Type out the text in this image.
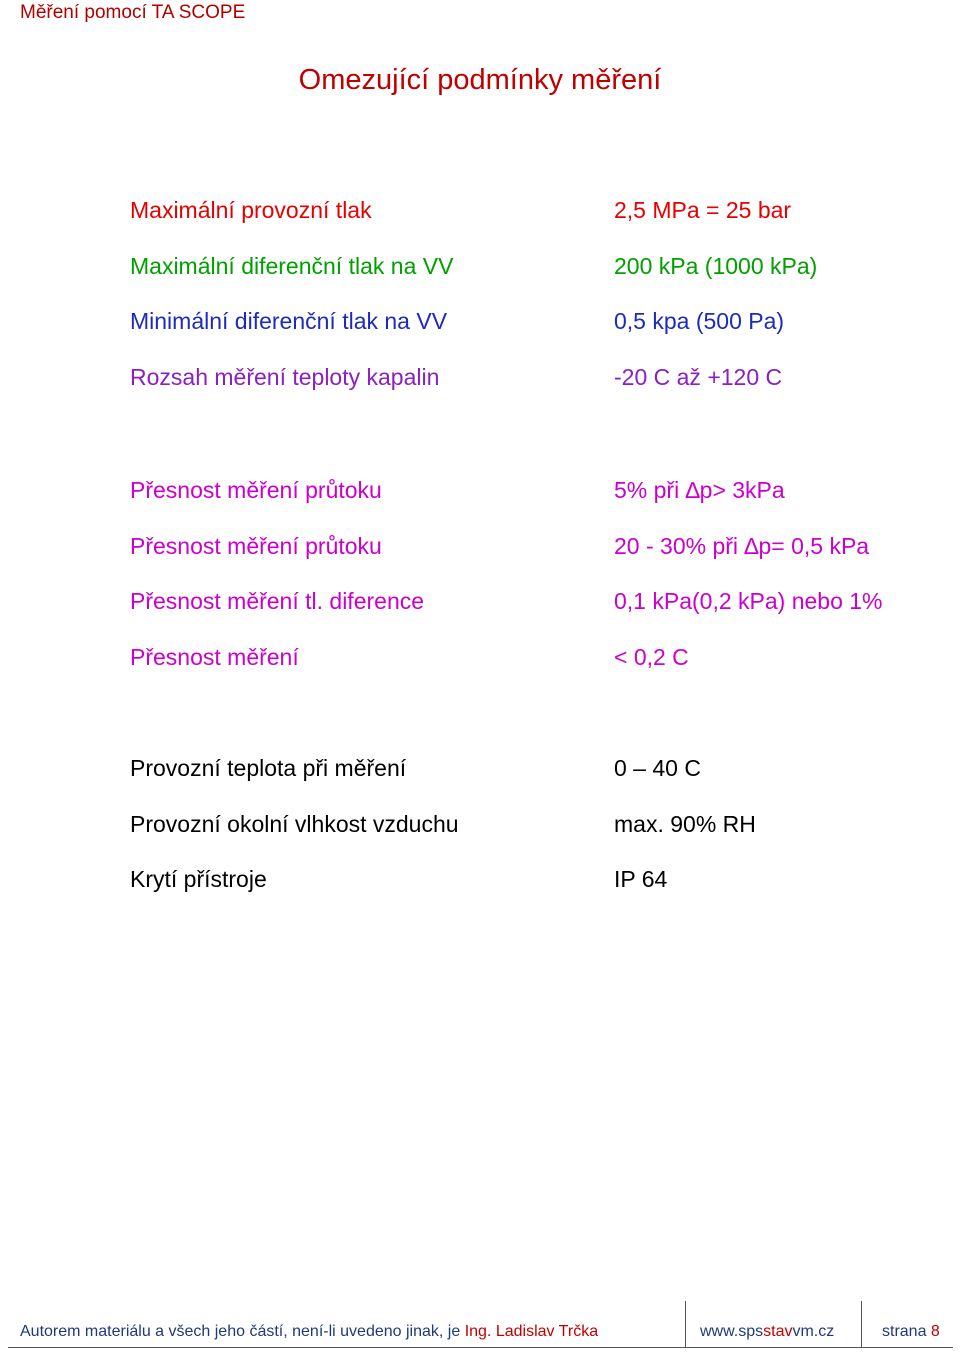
Měření pomocí TA SCOPE
Omezující podmínky měření
Maximální provozní tlak	2,5 MPa = 25 bar
Maximální diferenční tlak na VV	200 kPa (1000 kPa)
Minimální diferenční tlak na VV	0,5 kpa (500 Pa)
Rozsah měření teploty kapalin	-20 C až +120 C
Přesnost měření průtoku	5% při ∆p> 3kPa
Přesnost měření průtoku	20 - 30% při ∆p= 0,5 kPa
Přesnost měření tl. diference	0,1 kPa(0,2 kPa) nebo 1%
Přesnost měření	< 0,2 C
Provozní teplota při měření	0 – 40 C
Provozní okolní vlhkost vzduchu	max. 90% RH
Krytí přístroje	IP 64
Autorem materiálu a všech jeho částí, není-li uvedeno jinak, je Ing. Ladislav Trčka	www.spsstavvm.cz	strana 8
